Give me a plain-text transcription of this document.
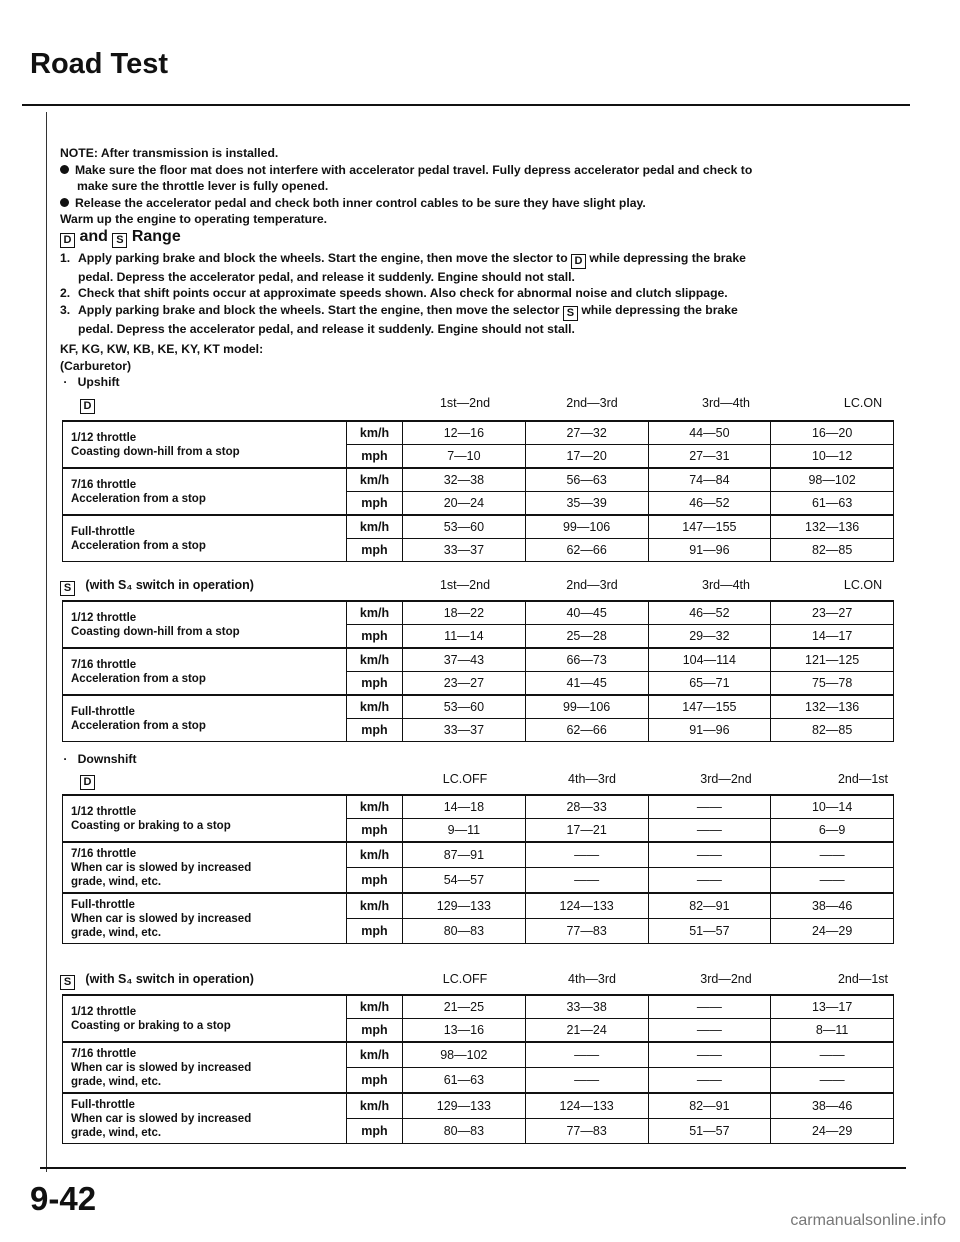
Road Test

NOTE: After transmission is installed.

Make sure the floor mat does not interfere with accelerator pedal travel. Fully depress accelerator pedal and check to

make sure the throttle lever is fully opened.

Release the accelerator pedal and check both inner control cables to be sure they have slight play.

Warm up the engine to operating temperature.

D and S Range

1. Apply parking brake and block the wheels. Start the engine, then move the slector to D while depressing the brake

pedal. Depress the accelerator pedal, and release it suddenly. Engine should not stall.

2. Check that shift points occur at approximate speeds shown. Also check for abnormal noise and clutch slippage.

3. Apply parking brake and block the wheels. Start the engine, then move the selector S while depressing the brake

pedal. Depress the accelerator pedal, and release it suddenly. Engine should not stall.

KF, KG, KW, KB, KE, KY, KT model:

(Carburetor)

·   Upshift

D	1st—2nd	2nd—3rd	3rd—4th	LC.ON
1/12 throttle
Coasting down-hill from a stop	km/h	12—16	27—32	44—50	16—20
	mph	7—10	17—20	27—31	10—12
7/16 throttle
Acceleration from a stop	km/h	32—38	56—63	74—84	98—102
	mph	20—24	35—39	46—52	61—63
Full-throttle
Acceleration from a stop	km/h	53—60	99—106	147—155	132—136
	mph	33—37	62—66	91—96	82—85
S (with S₄ switch in operation)	1st—2nd	2nd—3rd	3rd—4th	LC.ON
1/12 throttle
Coasting down-hill from a stop	km/h	18—22	40—45	46—52	23—27
	mph	11—14	25—28	29—32	14—17
7/16 throttle
Acceleration from a stop	km/h	37—43	66—73	104—114	121—125
	mph	23—27	41—45	65—71	75—78
Full-throttle
Acceleration from a stop	km/h	53—60	99—106	147—155	132—136
	mph	33—37	62—66	91—96	82—85
·   Downshift
D	LC.OFF	4th—3rd	3rd—2nd	2nd—1st
1/12 throttle
Coasting or braking to a stop	km/h	14—18	28—33	——	10—14
	mph	9—11	17—21	——	6—9
7/16 throttle
When car is slowed by increased
grade, wind, etc.	km/h	87—91	——	——	——
	mph	54—57	——	——	——
Full-throttle
When car is slowed by increased
grade, wind, etc.	km/h	129—133	124—133	82—91	38—46
	mph	80—83	77—83	51—57	24—29
S (with S₄ switch in operation)	LC.OFF	4th—3rd	3rd—2nd	2nd—1st
1/12 throttle
Coasting or braking to a stop	km/h	21—25	33—38	——	13—17
	mph	13—16	21—24	——	8—11
7/16 throttle
When car is slowed by increased
grade, wind, etc.	km/h	98—102	——	——	——
	mph	61—63	——	——	——
Full-throttle
When car is slowed by increased
grade, wind, etc.	km/h	129—133	124—133	82—91	38—46
	mph	80—83	77—83	51—57	24—29
9-42
carmanualsonline.info
